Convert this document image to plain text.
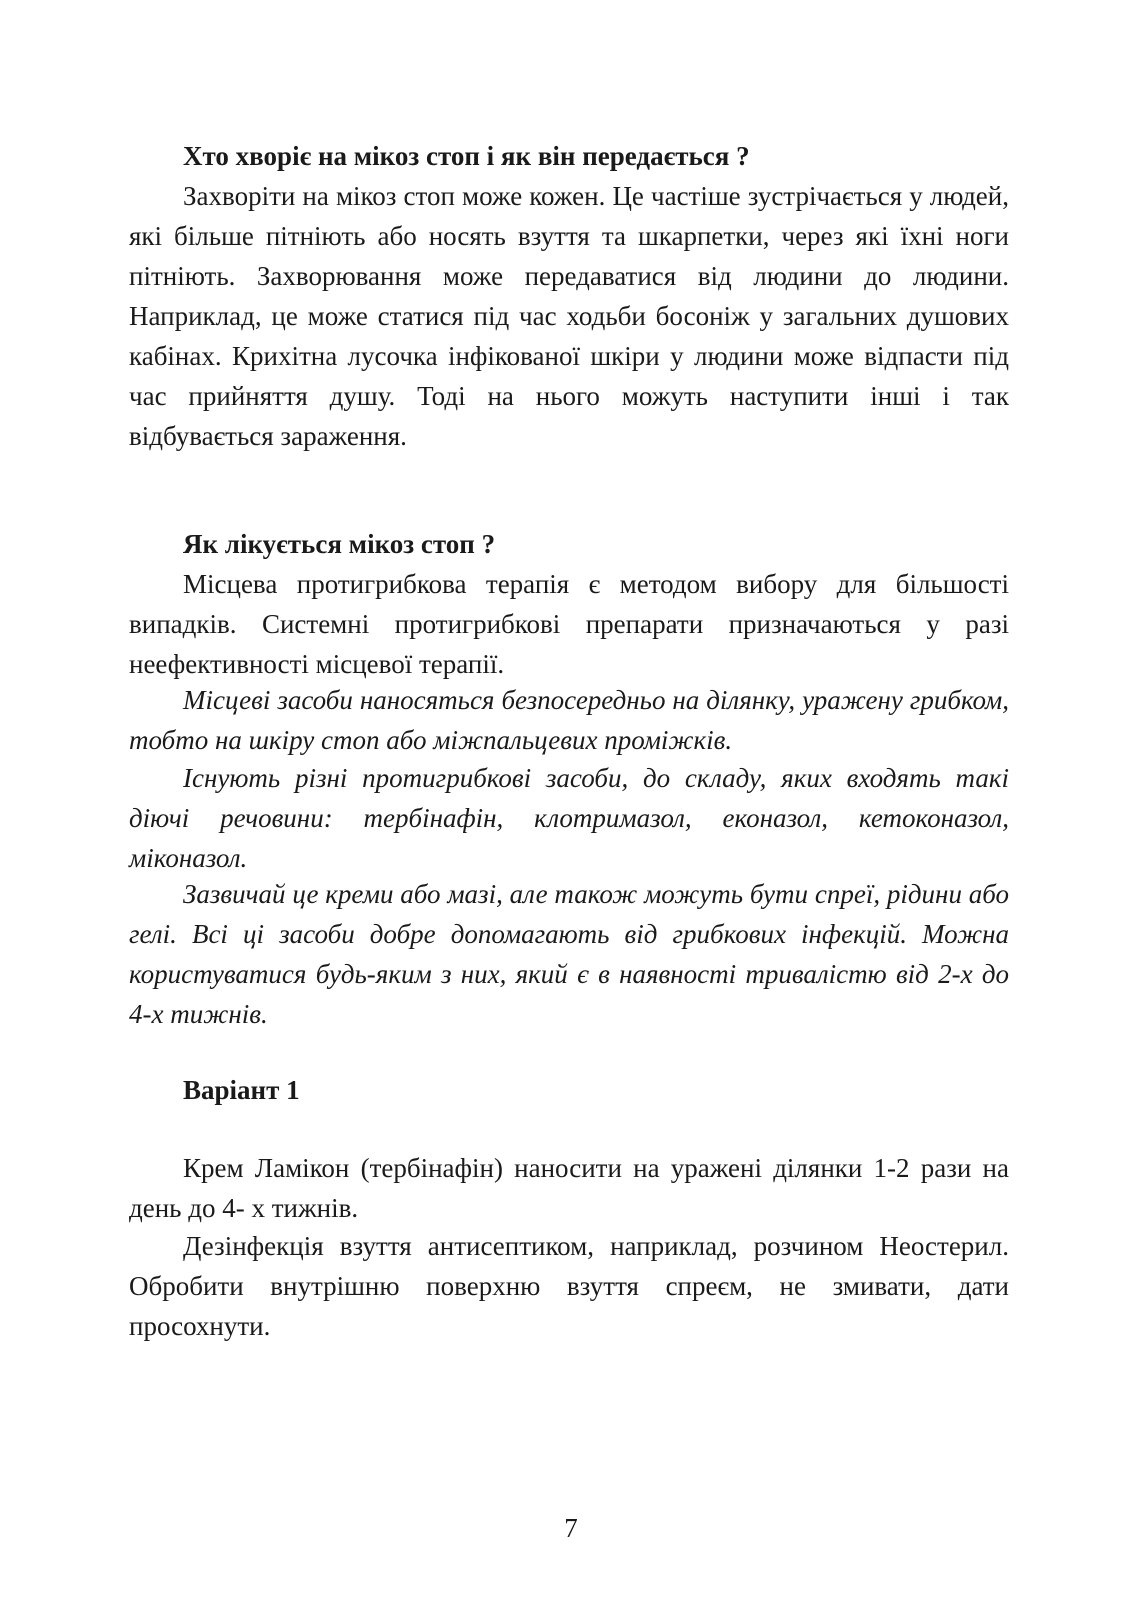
Хто хворіє на мікоз стоп і як він передається ?

Захворіти на мікоз стоп може кожен. Це частіше зустрічається у людей, які більше пітніють або носять взуття та шкарпетки, через які їхні ноги пітніють. Захворювання може передаватися від людини до людини. Наприклад, це може статися під час ходьби босоніж у загальних душових кабінах. Крихітна лусочка інфікованої шкіри у людини може відпасти під час прийняття душу. Тоді на нього можуть наступити інші і так відбувається зараження.

Як лікується мікоз стоп ?

Місцева протигрибкова терапія є методом вибору для більшості випадків. Системні протигрибкові препарати призначаються у разі неефективності місцевої терапії.

Місцеві засоби наносяться безпосередньо на ділянку, уражену грибком, тобто на шкіру стоп або міжпальцевих проміжків.

Існують різні протигрибкові засоби, до складу, яких входять такі діючі речовини: тербінафін, клотримазол, еконазол, кетоконазол, міконазол.

Зазвичай це креми або мазі, але також можуть бути спреї, рідини або гелі. Всі ці засоби добре допомагають від грибкових інфекцій. Можна користуватися будь-яким з них, який є в наявності тривалістю від 2-х до 4-х тижнів.

Варіант 1

Крем Ламікон (тербінафін) наносити на уражені ділянки 1-2 рази на день до 4- х тижнів.

Дезінфекція взуття антисептиком, наприклад, розчином Неостерил. Обробити внутрішню поверхню взуття спреєм, не змивати, дати просохнути.

7
